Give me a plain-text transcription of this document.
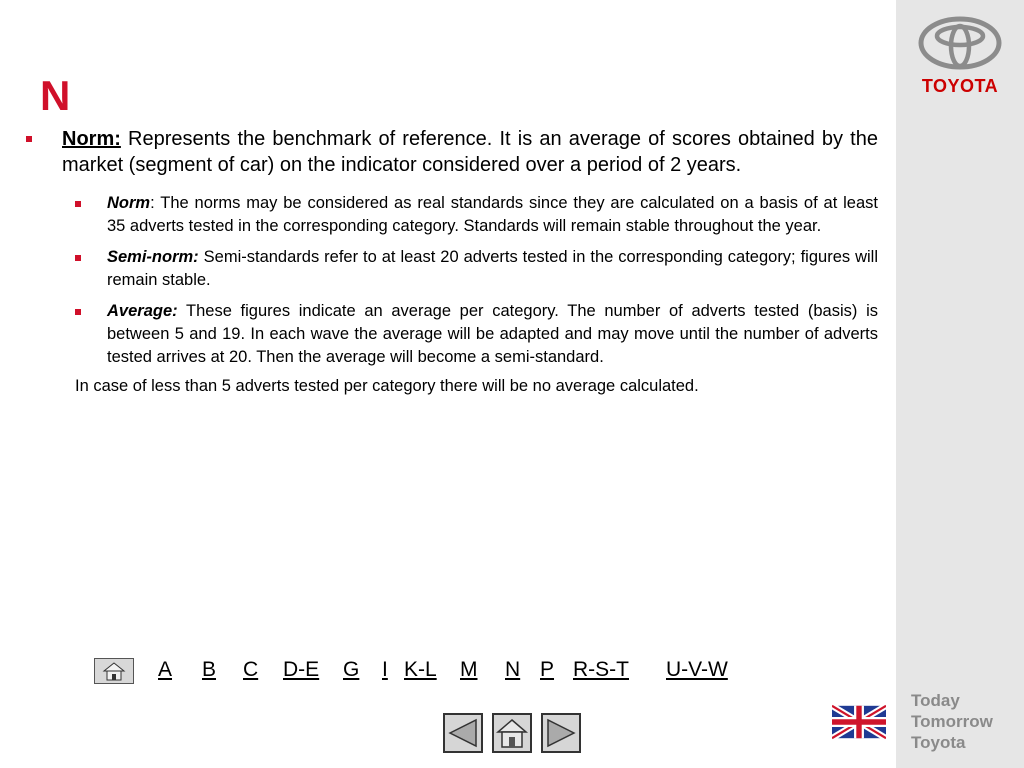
TOYOTA
Today
Tomorrow
Toyota
N
Norm: Represents the benchmark of reference. It is an average of scores obtained by the market (segment of car) on the indicator considered over a period of 2 years.
Norm: The norms may be considered as real standards since they are calculated on a basis of at least 35 adverts tested in the corresponding category. Standards will remain stable throughout the year.
Semi-norm: Semi-standards refer to at least 20 adverts tested in the corresponding category; figures will remain stable.
Average: These figures indicate an average per category. The number of adverts tested (basis) is between 5 and 19. In each wave the average will be adapted and may move until the number of adverts tested arrives at 20. Then the average will become a semi-standard.
In case of less than 5 adverts tested per category there will be no average calculated.
A B C D-E G I K-L M N P R-S-T U-V-W
